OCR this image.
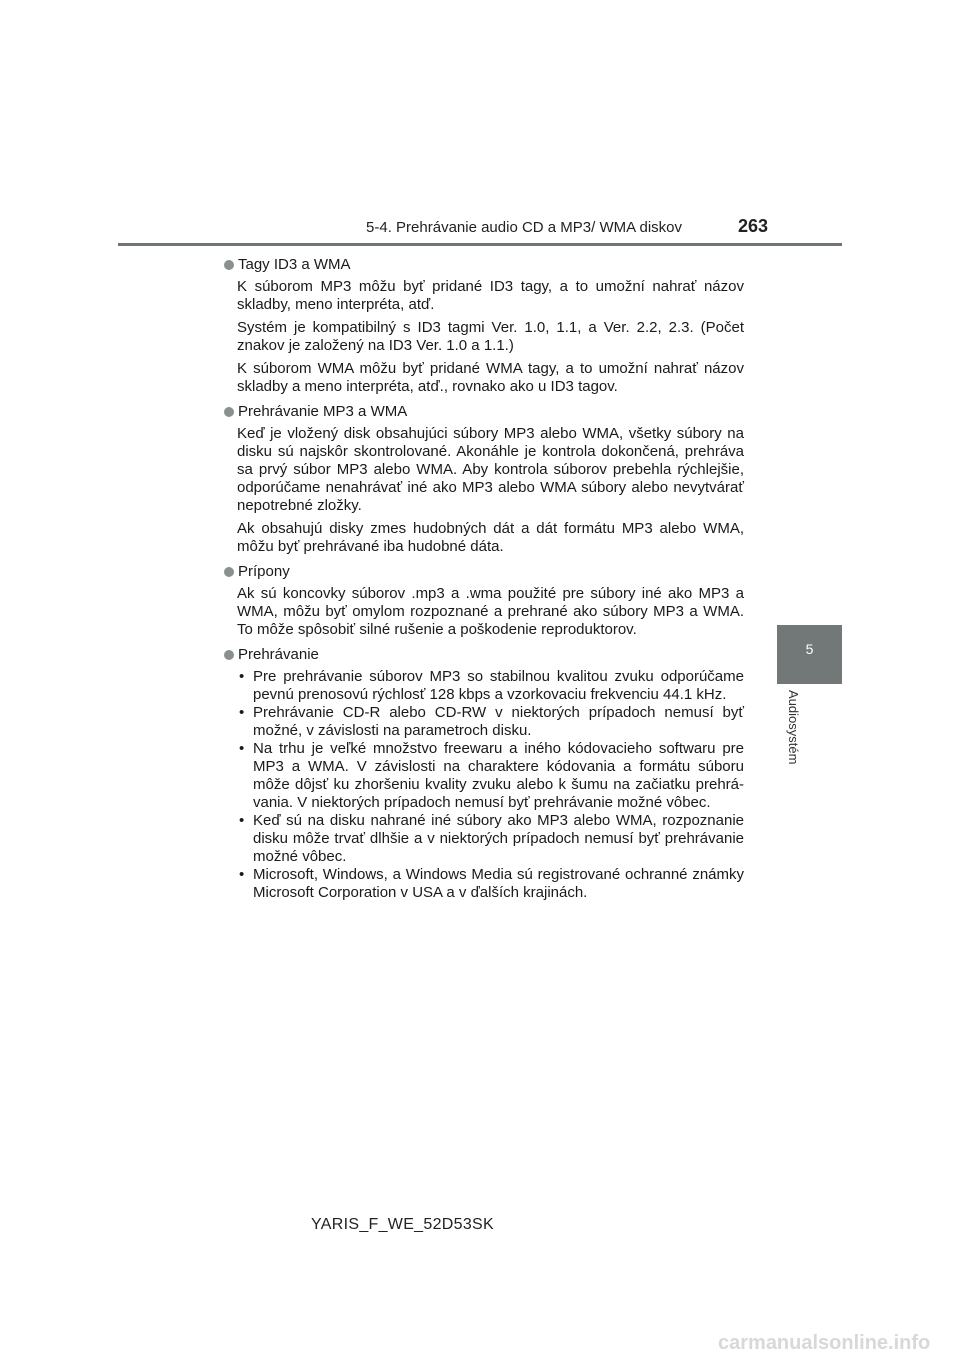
5-4. Prehrávanie audio CD a MP3/ WMA diskov	263
5
Audiosystém
Tagy ID3 a WMA

K súborom MP3 môžu byť pridané ID3 tagy, a to umožní nahrať názov skladby, meno interpréta, atď.

Systém je kompatibilný s ID3 tagmi Ver. 1.0, 1.1, a Ver. 2.2, 2.3. (Počet znakov je založený na ID3 Ver. 1.0 a 1.1.)

K súborom WMA môžu byť pridané WMA tagy, a to umožní nahrať názov skladby a meno interpréta, atď., rovnako ako u ID3 tagov.

Prehrávanie MP3 a WMA

Keď je vložený disk obsahujúci súbory MP3 alebo WMA, všetky súbory na disku sú najskôr skontrolované. Akonáhle je kontrola dokončená, prehráva sa prvý súbor MP3 alebo WMA. Aby kontrola súborov prebehla rýchlejšie, odporúčame nenahrávať iné ako MP3 alebo WMA súbory alebo nevytvárať nepotrebné zložky.

Ak obsahujú disky zmes hudobných dát a dát formátu MP3 alebo WMA, môžu byť prehrávané iba hudobné dáta.

Prípony

Ak sú koncovky súborov .mp3 a .wma použité pre súbory iné ako MP3 a WMA, môžu byť omylom rozpoznané a prehrané ako súbory MP3 a WMA. To môže spôsobiť silné rušenie a poškodenie reproduktorov.

Prehrávanie
• Pre prehrávanie súborov MP3 so stabilnou kvalitou zvuku odporúčame pevnú prenosovú rýchlosť 128 kbps a vzorkovaciu frekvenciu 44.1 kHz.
• Prehrávanie CD-R alebo CD-RW v niektorých prípadoch nemusí byť možné, v závislosti na parametroch disku.
• Na trhu je veľké množstvo freewaru a iného kódovacieho softwaru pre MP3 a WMA. V závislosti na charaktere kódovania a formátu súboru môže dôjsť ku zhoršeniu kvality zvuku alebo k šumu na začiatku prehrá-vania. V niektorých prípadoch nemusí byť prehrávanie možné vôbec.
• Keď sú na disku nahrané iné súbory ako MP3 alebo WMA, rozpoznanie disku môže trvať dlhšie a v niektorých prípadoch nemusí byť prehrávanie možné vôbec.
• Microsoft, Windows, a Windows Media sú registrované ochranné známky Microsoft Corporation v USA a v ďalších krajinách.
YARIS_F_WE_52D53SK
carmanualsonline.info
